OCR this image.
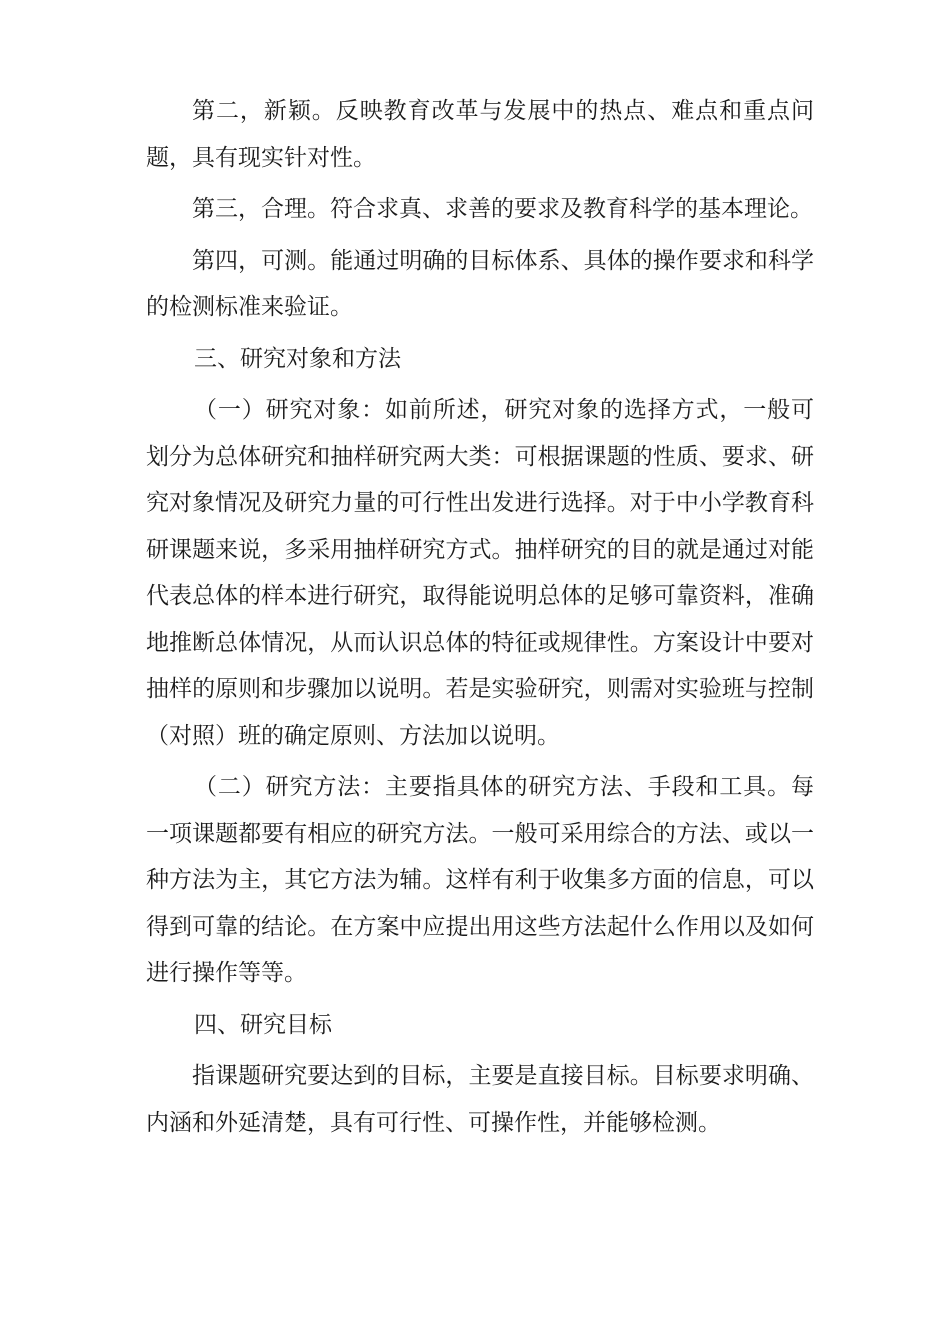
第二，新颖。反映教育改革与发展中的热点、难点和重点问题，具有现实针对性。

第三，合理。符合求真、求善的要求及教育科学的基本理论。

第四，可测。能通过明确的目标体系、具体的操作要求和科学的检测标准来验证。

三、研究对象和方法

（一）研究对象：如前所述，研究对象的选择方式，一般可划分为总体研究和抽样研究两大类：可根据课题的性质、要求、研究对象情况及研究力量的可行性出发进行选择。对于中小学教育科研课题来说，多采用抽样研究方式。抽样研究的目的就是通过对能代表总体的样本进行研究，取得能说明总体的足够可靠资料，准确地推断总体情况，从而认识总体的特征或规律性。方案设计中要对抽样的原则和步骤加以说明。若是实验研究，则需对实验班与控制（对照）班的确定原则、方法加以说明。

（二）研究方法：主要指具体的研究方法、手段和工具。每一项课题都要有相应的研究方法。一般可采用综合的方法、或以一种方法为主，其它方法为辅。这样有利于收集多方面的信息，可以得到可靠的结论。在方案中应提出用这些方法起什么作用以及如何进行操作等等。

四、研究目标

指课题研究要达到的目标，主要是直接目标。目标要求明确、内涵和外延清楚，具有可行性、可操作性，并能够检测。
